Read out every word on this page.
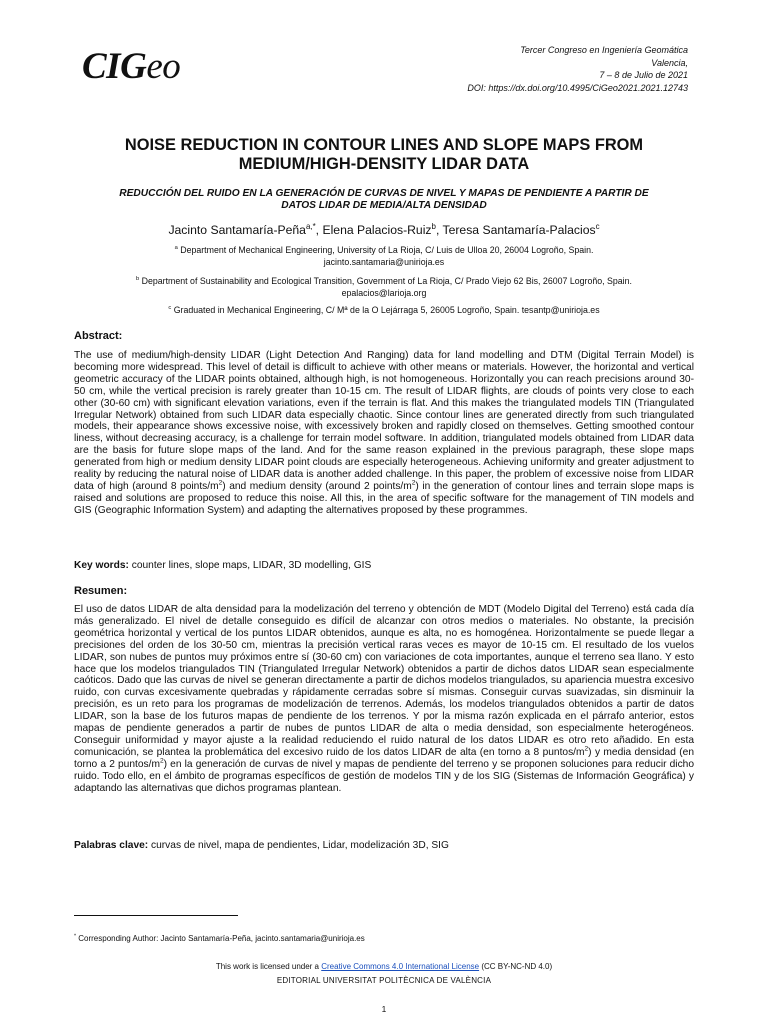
CIGeo	Tercer Congreso en Ingeniería Geomática
Valencia,
7 – 8 de Julio de 2021
DOI: https://dx.doi.org/10.4995/CiGeo2021.2021.12743
NOISE REDUCTION IN CONTOUR LINES AND SLOPE MAPS FROM
MEDIUM/HIGH-DENSITY LIDAR DATA
REDUCCIÓN DEL RUIDO EN LA GENERACIÓN DE CURVAS DE NIVEL Y MAPAS DE PENDIENTE A PARTIR DE
DATOS LIDAR DE MEDIA/ALTA DENSIDAD
Jacinto Santamaría-Peña$^{a,*}$, Elena Palacios-Ruiz$^b$, Teresa Santamaría-Palacios$^c$
$^a$ Department of Mechanical Engineering, University of La Rioja, C/ Luis de Ulloa 20, 26004 Logroño, Spain.
jacinto.santamaria@unirioja.es
$^b$ Department of Sustainability and Ecological Transition, Government of La Rioja, C/ Prado Viejo 62 Bis, 26007 Logroño, Spain.
epalacios@larioja.org
$^c$ Graduated in Mechanical Engineering, C/ Mª de la O Lejárraga 5, 26005 Logroño, Spain. tesantp@unirioja.es
Abstract:
The use of medium/high-density LIDAR (Light Detection And Ranging) data for land modelling and DTM (Digital Terrain Model) is becoming more widespread. This level of detail is difficult to achieve with other means or materials. However, the horizontal and vertical geometric accuracy of the LIDAR points obtained, although high, is not homogeneous. Horizontally you can reach precisions around 30-50 cm, while the vertical precision is rarely greater than 10-15 cm. The result of LIDAR flights, are clouds of points very close to each other (30-60 cm) with significant elevation variations, even if the terrain is flat. And this makes the triangulated models TIN (Triangulated Irregular Network) obtained from such LIDAR data especially chaotic. Since contour lines are generated directly from such triangulated models, their appearance shows excessive noise, with excessively broken and rapidly closed on themselves. Getting smoothed contour liness, without decreasing accuracy, is a challenge for terrain model software. In addition, triangulated models obtained from LIDAR data are the basis for future slope maps of the land. And for the same reason explained in the previous paragraph, these slope maps generated from high or medium density LIDAR point clouds are especially heterogeneous. Achieving uniformity and greater adjustment to reality by reducing the natural noise of LIDAR data is another added challenge. In this paper, the problem of excessive noise from LIDAR data of high (around 8 points/$m^2$) and medium density (around 2 points/$m^2$) in the generation of contour lines and terrain slope maps is raised and solutions are proposed to reduce this noise. All this, in the area of specific software for the management of TIN models and GIS (Geographic Information System) and adapting the alternatives proposed by these programmes.
Key words: counter lines, slope maps, LIDAR, 3D modelling, GIS
Resumen:
El uso de datos LIDAR de alta densidad para la modelización del terreno y obtención de MDT (Modelo Digital del Terreno) está cada día más generalizado. El nivel de detalle conseguido es difícil de alcanzar con otros medios o materiales. No obstante, la precisión geométrica horizontal y vertical de los puntos LIDAR obtenidos, aunque es alta, no es homogénea. Horizontalmente se puede llegar a precisiones del orden de los 30-50 cm, mientras la precisión vertical raras veces es mayor de 10-15 cm. El resultado de los vuelos LIDAR, son nubes de puntos muy próximos entre sí (30-60 cm) con variaciones de cota importantes, aunque el terreno sea llano. Y esto hace que los modelos triangulados TIN (Triangulated Irregular Network) obtenidos a partir de dichos datos LIDAR sean especialmente caóticos. Dado que las curvas de nivel se generan directamente a partir de dichos modelos triangulados, su apariencia muestra excesivo ruido, con curvas excesivamente quebradas y rápidamente cerradas sobre sí mismas. Conseguir curvas suavizadas, sin disminuir la precisión, es un reto para los programas de modelización de terrenos. Además, los modelos triangulados obtenidos a partir de datos LIDAR, son la base de los futuros mapas de pendiente de los terrenos. Y por la misma razón explicada en el párrafo anterior, estos mapas de pendiente generados a partir de nubes de puntos LIDAR de alta o media densidad, son especialmente heterogéneos. Conseguir uniformidad y mayor ajuste a la realidad reduciendo el ruido natural de los datos LIDAR es otro reto añadido. En esta comunicación, se plantea la problemática del excesivo ruido de los datos LIDAR de alta (en torno a 8 puntos/$m^2$) y media densidad (en torno a 2 puntos/$m^2$) en la generación de curvas de nivel y mapas de pendiente del terreno y se proponen soluciones para reducir dicho ruido. Todo ello, en el ámbito de programas específicos de gestión de modelos TIN y de los SIG (Sistemas de Información Geográfica) y adaptando las alternativas que dichos programas plantean.
Palabras clave: curvas de nivel, mapa de pendientes, Lidar, modelización 3D, SIG
* Corresponding Author: Jacinto Santamaría-Peña, jacinto.santamaria@unirioja.es
This work is licensed under a Creative Commons 4.0 International License (CC BY-NC-ND 4.0)
EDITORIAL UNIVERSITAT POLITÈCNICA DE VALÈNCIA
1
